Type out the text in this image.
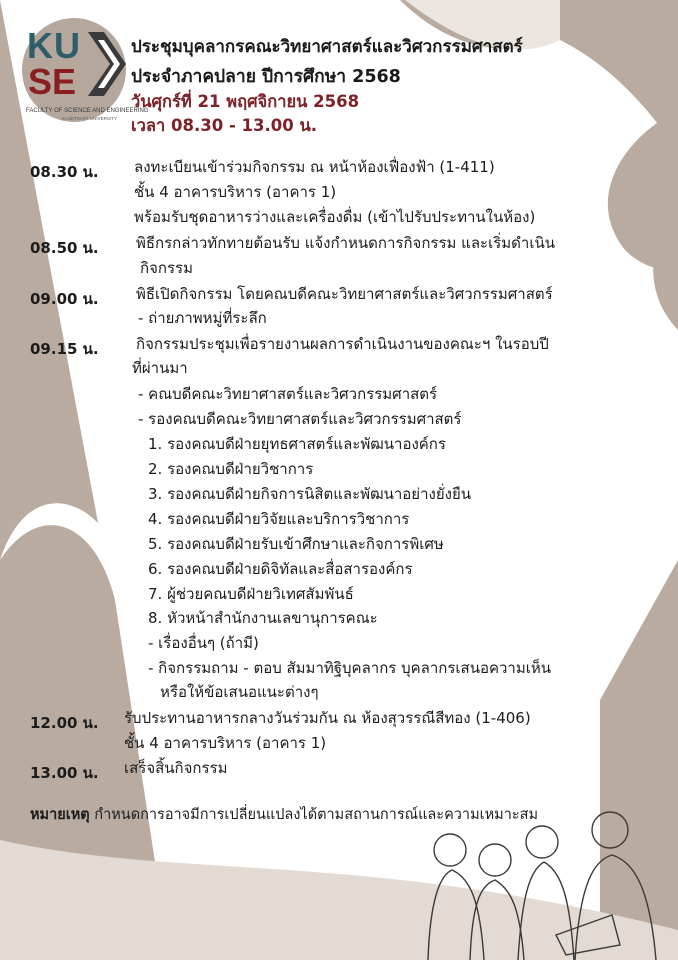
KU
SE
FACULTY OF SCIENCE AND ENGINEERING
KASETSART UNIVERSITY
ประชุมบุคลากรคณะวิทยาศาสตร์และวิศวกรรมศาสตร์
ประจำภาคปลาย ปีการศึกษา 2568
วันศุกร์ที่ 21 พฤศจิกายน 2568
เวลา 08.30 - 13.00 น.
08.30 น. ลงทะเบียนเข้าร่วมกิจกรรม ณ หน้าห้องเฟื่องฟ้า (1-411)
ชั้น 4 อาคารบริหาร (อาคาร 1)
พร้อมรับชุดอาหารว่างและเครื่องดื่ม (เข้าไปรับประทานในห้อง)
08.50 น. พิธีกรกล่าวทักทายต้อนรับ แจ้งกำหนดการกิจกรรม และเริ่มดำเนิน
กิจกรรม
09.00 น. พิธีเปิดกิจกรรม โดยคณบดีคณะวิทยาศาสตร์และวิศวกรรมศาสตร์
- ถ่ายภาพหมู่ที่ระลึก
09.15 น. กิจกรรมประชุมเพื่อรายงานผลการดำเนินงานของคณะฯ ในรอบปี
ที่ผ่านมา
- คณบดีคณะวิทยาศาสตร์และวิศวกรรมศาสตร์
- รองคณบดีคณะวิทยาศาสตร์และวิศวกรรมศาสตร์
1. รองคณบดีฝ่ายยุทธศาสตร์และพัฒนาองค์กร
2. รองคณบดีฝ่ายวิชาการ
3. รองคณบดีฝ่ายกิจการนิสิตและพัฒนาอย่างยั่งยืน
4. รองคณบดีฝ่ายวิจัยและบริการวิชาการ
5. รองคณบดีฝ่ายรับเข้าศึกษาและกิจการพิเศษ
6. รองคณบดีฝ่ายดิจิทัลและสื่อสารองค์กร
7. ผู้ช่วยคณบดีฝ่ายวิเทศสัมพันธ์
8. หัวหน้าสำนักงานเลขานุการคณะ
- เรื่องอื่นๆ (ถ้ามี)
- กิจกรรมถาม - ตอบ สัมมาทิฐิบุคลากร บุคลากรเสนอความเห็น
หรือให้ข้อเสนอแนะต่างๆ
12.00 น. รับประทานอาหารกลางวันร่วมกัน ณ ห้องสุวรรณีสีทอง (1-406)
ชั้น 4 อาคารบริหาร (อาคาร 1)
13.00 น. เสร็จสิ้นกิจกรรม
หมายเหตุ กำหนดการอาจมีการเปลี่ยนแปลงได้ตามสถานการณ์และความเหมาะสม
